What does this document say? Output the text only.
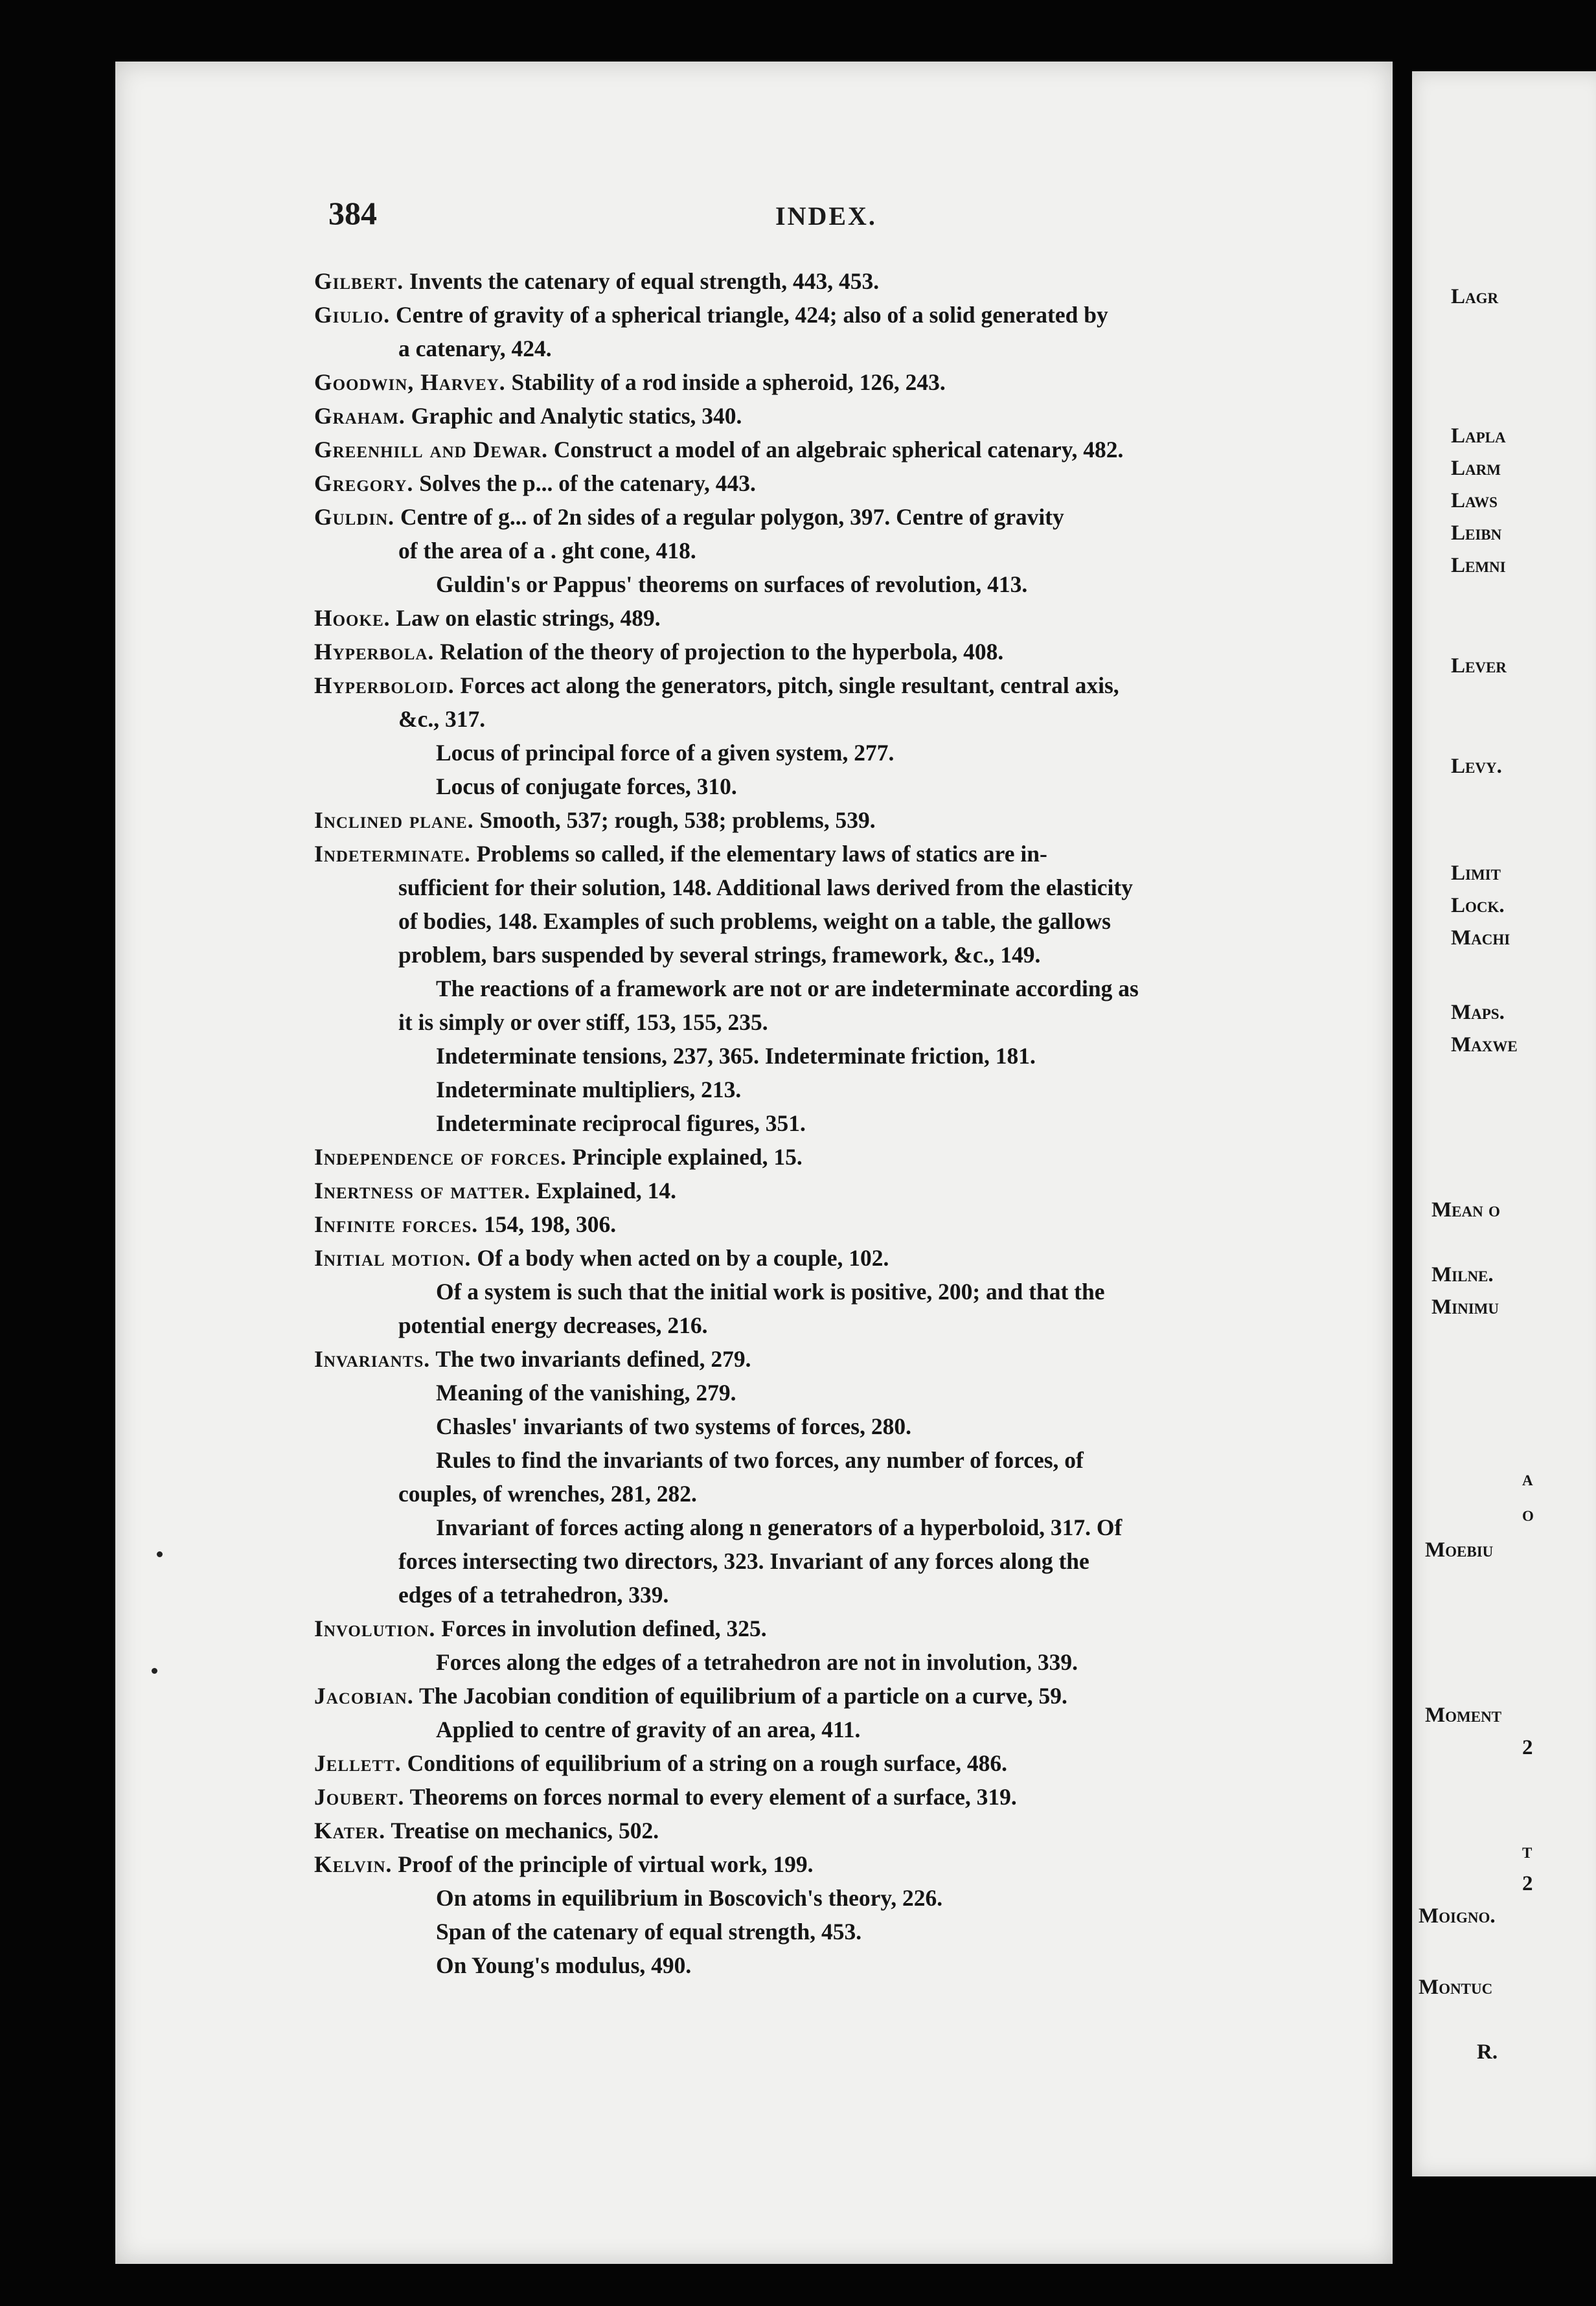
384	INDEX.
Gilbert. Invents the catenary of equal strength, 443, 453.
Giulio. Centre of gravity of a spherical triangle, 424; also of a solid generated by
a catenary, 424.
Goodwin, Harvey. Stability of a rod inside a spheroid, 126, 243.
Graham. Graphic and Analytic statics, 340.
Greenhill and Dewar. Construct a model of an algebraic spherical catenary, 482.
Gregory. Solves the p... of the catenary, 443.
Guldin. Centre of g... of 2n sides of a regular polygon, 397. Centre of gravity
of the area of a . ght cone, 418.
Guldin's or Pappus' theorems on surfaces of revolution, 413.
Hooke. Law on elastic strings, 489.
Hyperbola. Relation of the theory of projection to the hyperbola, 408.
Hyperboloid. Forces act along the generators, pitch, single resultant, central axis,
&c., 317.
Locus of principal force of a given system, 277.
Locus of conjugate forces, 310.
Inclined plane. Smooth, 537; rough, 538; problems, 539.
Indeterminate. Problems so called, if the elementary laws of statics are in-
sufficient for their solution, 148. Additional laws derived from the elasticity
of bodies, 148. Examples of such problems, weight on a table, the gallows
problem, bars suspended by several strings, framework, &c., 149.
The reactions of a framework are not or are indeterminate according as
it is simply or over stiff, 153, 155, 235.
Indeterminate tensions, 237, 365. Indeterminate friction, 181.
Indeterminate multipliers, 213.
Indeterminate reciprocal figures, 351.
Independence of forces. Principle explained, 15.
Inertness of matter. Explained, 14.
Infinite forces. 154, 198, 306.
Initial motion. Of a body when acted on by a couple, 102.
Of a system is such that the initial work is positive, 200; and that the
potential energy decreases, 216.
Invariants. The two invariants defined, 279.
Meaning of the vanishing, 279.
Chasles' invariants of two systems of forces, 280.
Rules to find the invariants of two forces, any number of forces, of
couples, of wrenches, 281, 282.
Invariant of forces acting along n generators of a hyperboloid, 317. Of
forces intersecting two directors, 323. Invariant of any forces along the
edges of a tetrahedron, 339.
Involution. Forces in involution defined, 325.
Forces along the edges of a tetrahedron are not in involution, 339.
Jacobian. The Jacobian condition of equilibrium of a particle on a curve, 59.
Applied to centre of gravity of an area, 411.
Jellett. Conditions of equilibrium of a string on a rough surface, 486.
Joubert. Theorems on forces normal to every element of a surface, 319.
Kater. Treatise on mechanics, 502.
Kelvin. Proof of the principle of virtual work, 199.
On atoms in equilibrium in Boscovich's theory, 226.
Span of the catenary of equal strength, 453.
On Young's modulus, 490.
Lagr
Lapla
Larm
Laws
Leibn
Lemni
Lever
Levy.
Limit
Lock.
Machi
Maps.
Maxwe
Mean o
Milne.
Minimu
a
o
Moebiu
Moment
2
t
2
Moigno.
Montuc
R.
